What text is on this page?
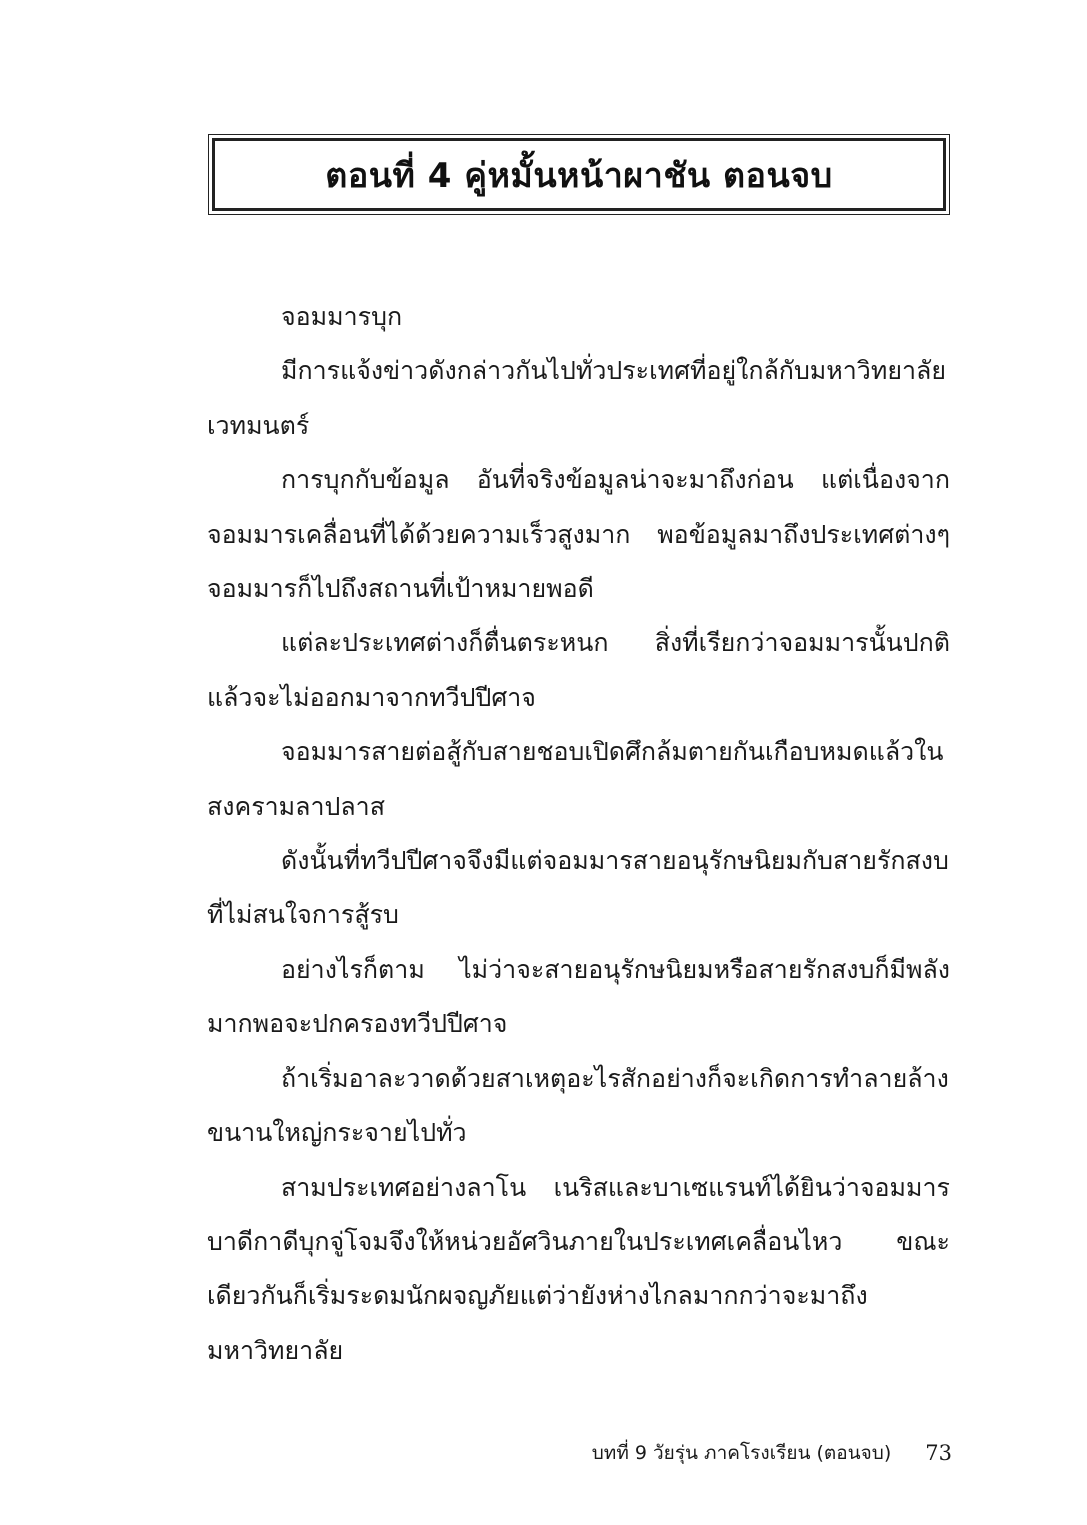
ตอนที่ 4 คู่หมั้นหน้าผาชัน ตอนจบ

จอมมารบุก

มีการแจ้งข่าวดังกล่าวกันไปทั่วประเทศที่อยู่ใกล้กับมหาวิทยาลัยเวทมนตร์

การบุกกับข้อมูล อันที่จริงข้อมูลน่าจะมาถึงก่อน แต่เนื่องจากจอมมารเคลื่อนที่ได้ด้วยความเร็วสูงมาก พอข้อมูลมาถึงประเทศต่างๆจอมมารก็ไปถึงสถานที่เป้าหมายพอดี

แต่ละประเทศต่างก็ตื่นตระหนก สิ่งที่เรียกว่าจอมมารนั้นปกติแล้วจะไม่ออกมาจากทวีปปีศาจ

จอมมารสายต่อสู้กับสายชอบเปิดศึกล้มตายกันเกือบหมดแล้วในสงครามลาปลาส

ดังนั้นที่ทวีปปีศาจจึงมีแต่จอมมารสายอนุรักษนิยมกับสายรักสงบที่ไม่สนใจการสู้รบ

อย่างไรก็ตาม ไม่ว่าจะสายอนุรักษนิยมหรือสายรักสงบก็มีพลังมากพอจะปกครองทวีปปีศาจ

ถ้าเริ่มอาละวาดด้วยสาเหตุอะไรสักอย่างก็จะเกิดการทำลายล้างขนานใหญ่กระจายไปทั่ว

สามประเทศอย่างลาโน เนริสและบาเซแรนท์ได้ยินว่าจอมมารบาดีกาดีบุกจู่โจมจึงให้หน่วยอัศวินภายในประเทศเคลื่อนไหว ขณะเดียวกันก็เริ่มระดมนักผจญภัยแต่ว่ายังห่างไกลมากกว่าจะมาถึงมหาวิทยาลัย

บทที่ 9 วัยรุ่น ภาคโรงเรียน (ตอนจบ) 73
